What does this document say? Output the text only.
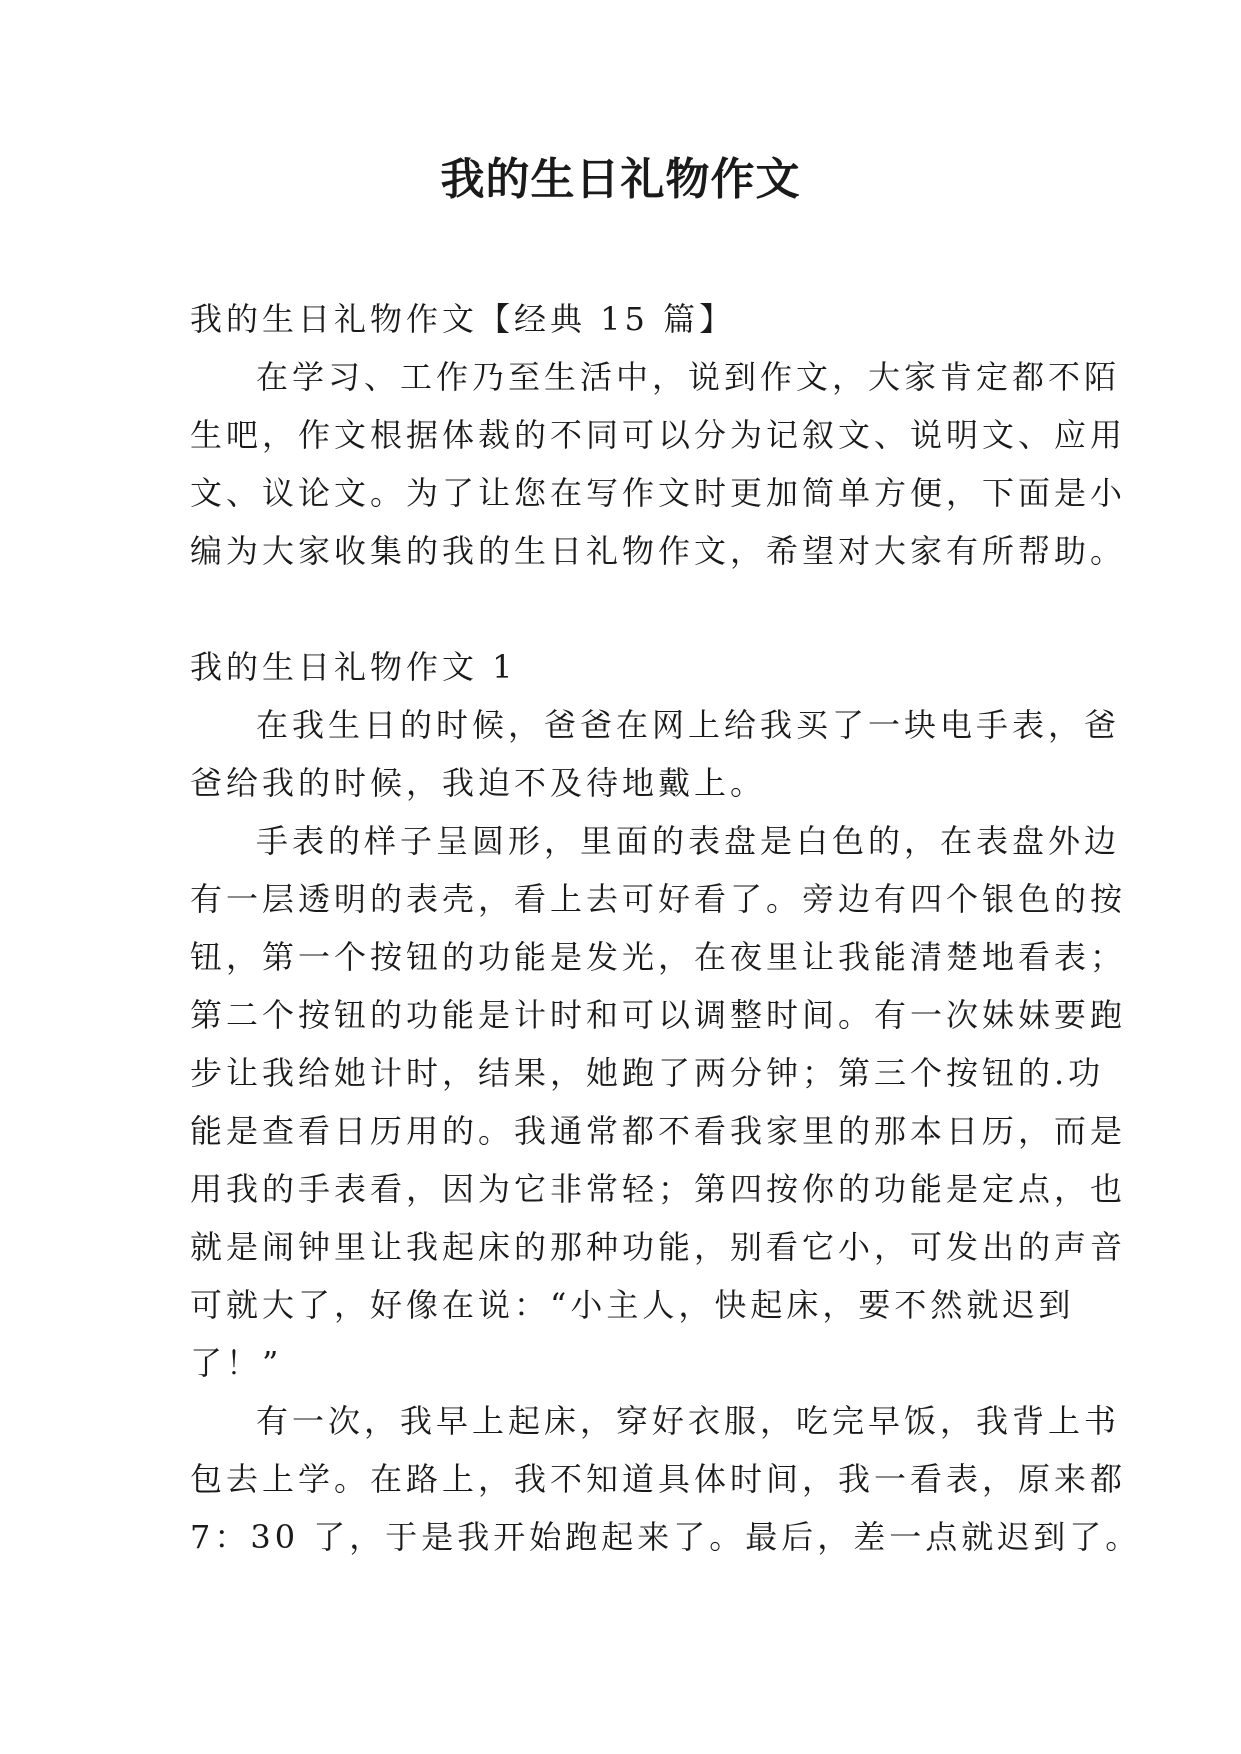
我的生日礼物作文
我的生日礼物作文【经典 15 篇】
在学习、工作乃至生活中，说到作文，大家肯定都不陌
生吧，作文根据体裁的不同可以分为记叙文、说明文、应用
文、议论文。为了让您在写作文时更加简单方便，下面是小
编为大家收集的我的生日礼物作文，希望对大家有所帮助。
我的生日礼物作文 1
在我生日的时候，爸爸在网上给我买了一块电手表，爸
爸给我的时候，我迫不及待地戴上。
手表的样子呈圆形，里面的表盘是白色的，在表盘外边
有一层透明的表壳，看上去可好看了。旁边有四个银色的按
钮，第一个按钮的功能是发光，在夜里让我能清楚地看表；
第二个按钮的功能是计时和可以调整时间。有一次妹妹要跑
步让我给她计时，结果，她跑了两分钟；第三个按钮的.功
能是查看日历用的。我通常都不看我家里的那本日历，而是
用我的手表看，因为它非常轻；第四按你的功能是定点，也
就是闹钟里让我起床的那种功能，别看它小，可发出的声音
可就大了，好像在说：“小主人，快起床，要不然就迟到
了！”
有一次，我早上起床，穿好衣服，吃完早饭，我背上书
包去上学。在路上，我不知道具体时间，我一看表，原来都
7：30 了，于是我开始跑起来了。最后，差一点就迟到了。
